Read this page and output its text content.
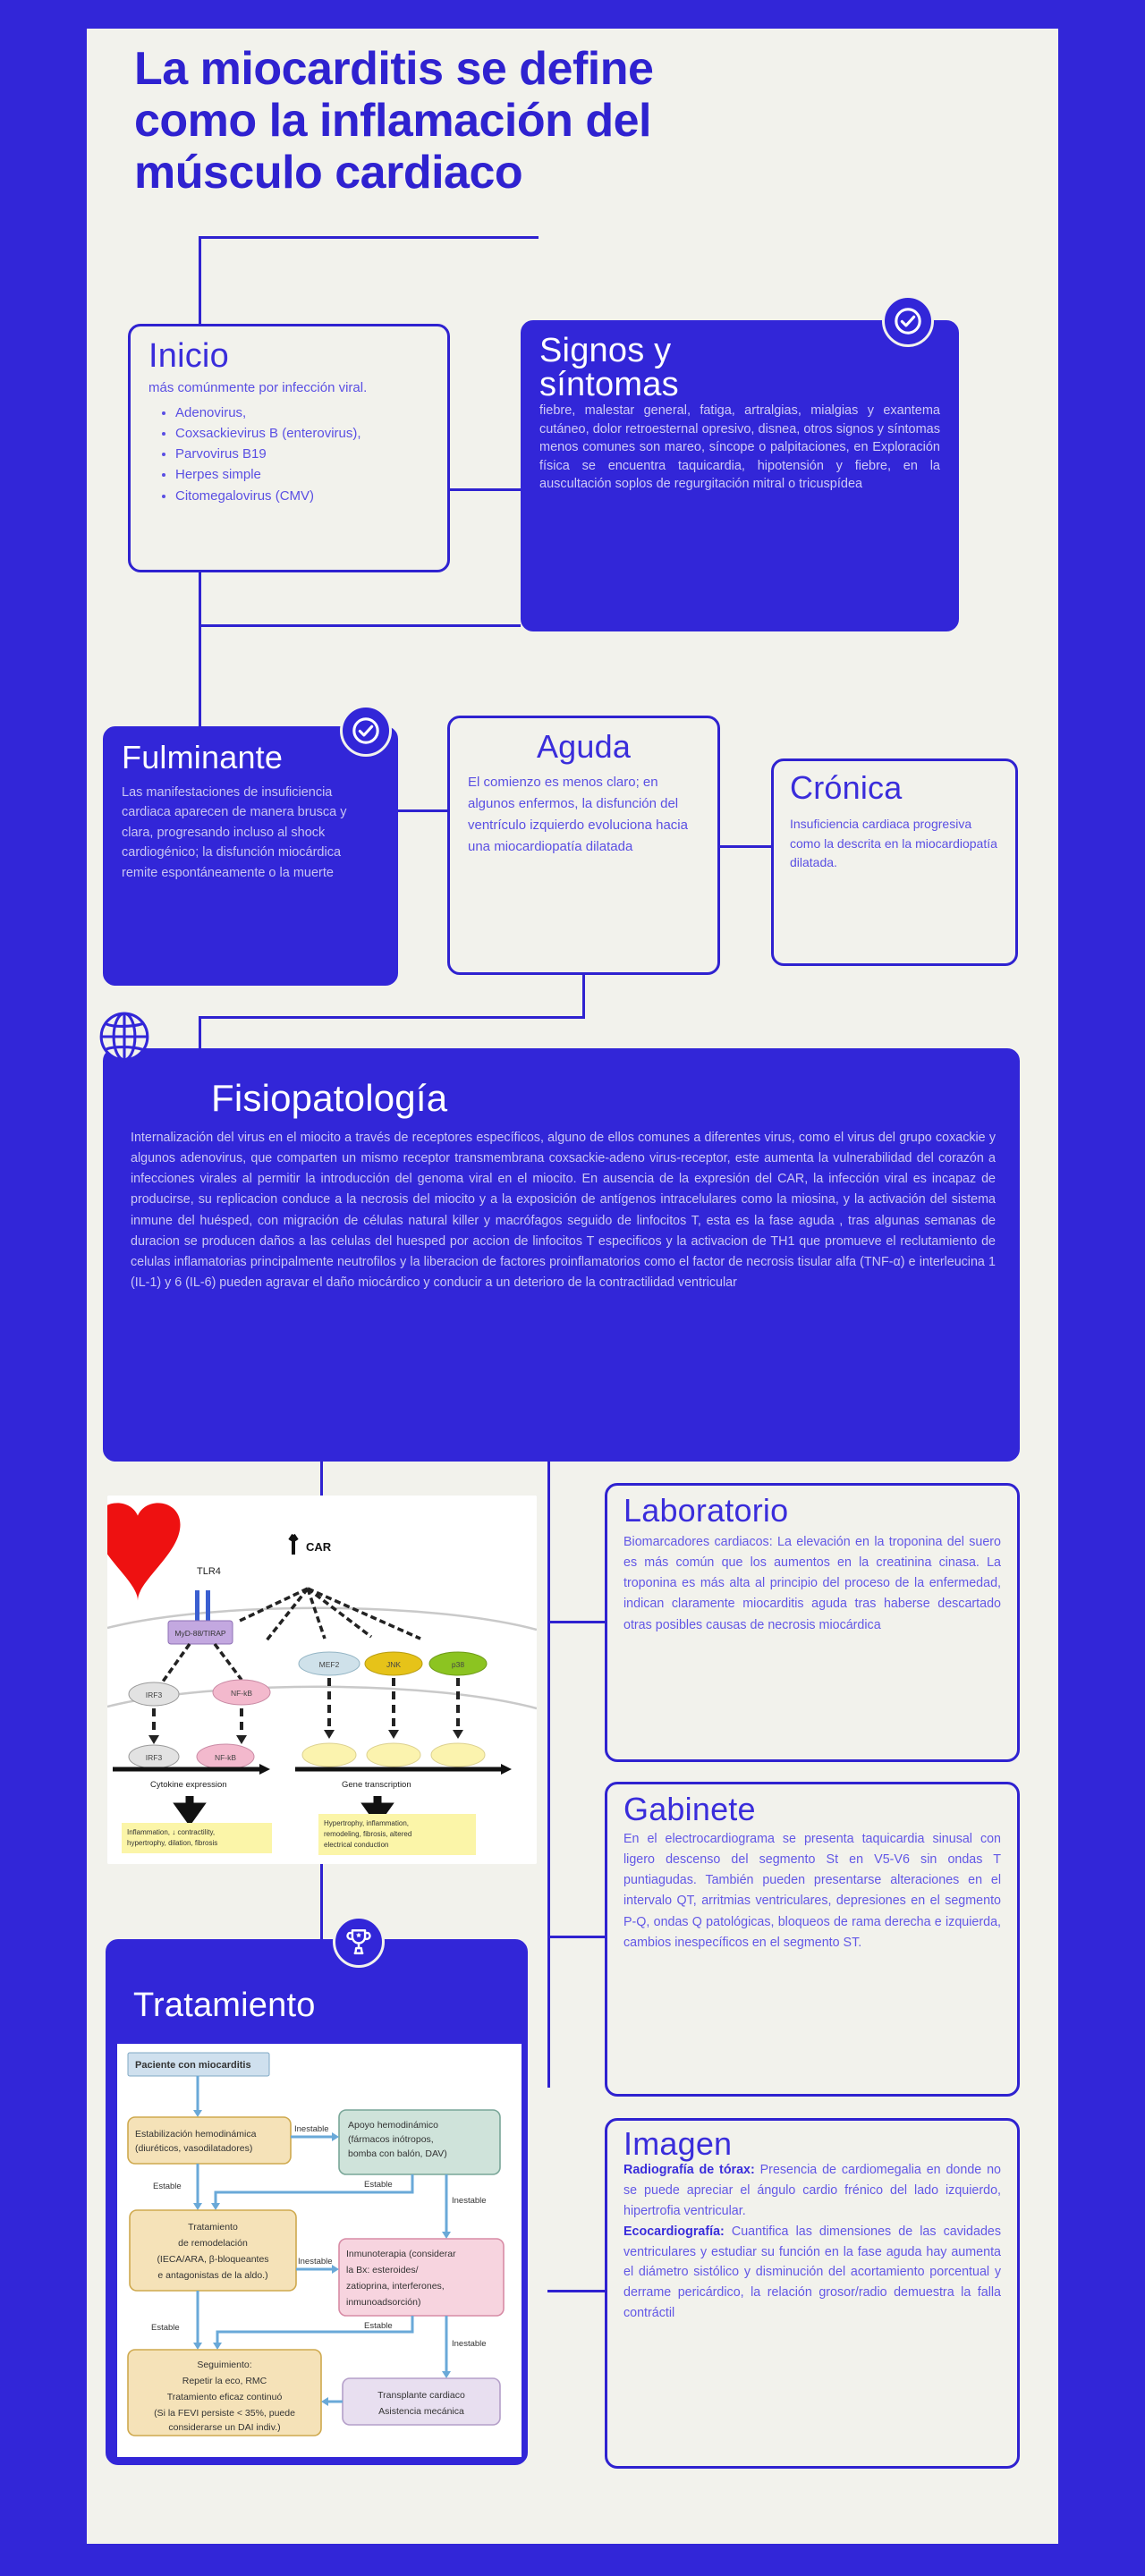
La miocarditis se define
como la inflamación del
músculo cardiaco
Inicio
más comúnmente por infección viral.
• Adenovirus,
• Coxsackievirus B (enterovirus),
• Parvovirus B19
• Herpes simple
• Citomegalovirus (CMV)
Signos y
síntomas
fiebre, malestar general, fatiga, artralgias, mialgias y exantema cutáneo, dolor retroesternal opresivo, disnea, otros signos y síntomas menos comunes son mareo, síncope o palpitaciones, en Exploración física se encuentra taquicardia, hipotensión y fiebre, en la auscultación soplos de regurgitación mitral o tricuspídea
Fulminante
Las manifestaciones de insuficiencia cardiaca aparecen de manera brusca y clara, progresando incluso al shock cardiogénico; la disfunción miocárdica remite espontáneamente o la muerte
Aguda
El comienzo es menos claro; en algunos enfermos, la disfunción del ventrículo izquierdo evoluciona hacia una miocardiopatía dilatada
Crónica
Insuficiencia cardiaca progresiva como la descrita en la miocardiopatía dilatada.
Fisiopatología
Internalización del virus en el miocito a través de receptores específicos, alguno de ellos comunes a diferentes virus, como el virus del grupo coxackie y algunos adenovirus, que comparten un mismo receptor transmembrana coxsackie-adeno virus-receptor, este aumenta la vulnerabilidad del corazón a infecciones virales al permitir la introducción del genoma viral en el miocito. En ausencia de la expresión del CAR, la infección viral es incapaz de producirse, su replicacion conduce a la necrosis del miocito y a la exposición de antígenos intracelulares como la miosina, y la activación del sistema inmune del huésped, con migración de células natural killer y macrófagos seguido de linfocitos T, esta es la fase aguda , tras algunas semanas de duracion se producen daños a las celulas del huesped por accion de linfocitos T especificos y la activacion de TH1 que promueve el reclutamiento de celulas inflamatorias principalmente neutrofilos y la liberacion de factores proinflamatorios como el factor de necrosis tisular alfa (TNF-α) e interleucina 1 (IL-1) y 6 (IL-6) pueden agravar el daño miocárdico y conducir a un deterioro de la contractilidad ventricular
CAR
TLR4
MyD-88/TIRAP
IRF3	NF-kB
MEF2	JNK	p38
IRF3	NF-kB
Cytokine expression	Gene transcription
Inflammation, ↓ contractility,
hypertrophy, dilation, fibrosis
Hypertrophy, inflammation,
remodeling, fibrosis, altered
electrical conduction
Laboratorio
Biomarcadores cardiacos: La elevación en la troponina del suero es más común que los aumentos en la creatinina cinasa. La troponina es más alta al principio del proceso de la enfermedad, indican claramente miocarditis aguda tras haberse descartado otras posibles causas de necrosis miocárdica
Gabinete
En el electrocardiograma se presenta taquicardia sinusal con ligero descenso del segmento St en V5-V6 sin ondas T puntiagudas. También pueden presentarse alteraciones en el intervalo QT, arritmias ventriculares, depresiones en el segmento P-Q, ondas Q patológicas, bloqueos de rama derecha e izquierda, cambios inespecíficos en el segmento ST.
Imagen
Radiografía de tórax: Presencia de cardiomegalia en donde no se puede apreciar el ángulo cardio frénico del lado izquierdo, hipertrofia ventricular.
Ecocardiografía: Cuantifica las dimensiones de las cavidades ventriculares y estudiar su función en la fase aguda hay aumenta el diámetro sistólico y disminución del acortamiento porcentual y derrame pericárdico, la relación grosor/radio demuestra la falla contráctil
Tratamiento
Paciente con miocarditis
Estabilización hemodinámica
(diuréticos, vasodilatadores)
Apoyo hemodinámico
(fármacos inótropos,
bomba con balón, DAV)
Inestable
Estable	Estable
Inestable
Tratamiento
de remodelación
(IECA/ARA, β-bloqueantes
e antagonistas de la aldo.)
Inmunoterapia (considerar
la Bx: esteroides/
zatioprina, interferones,
inmunoadsorción)
Inestable
Estable	Estable
Inestable
Seguimiento:
Repetir la eco, RMC
Tratamiento eficaz continuó
(Si la FEVI persiste < 35%, puede
considerarse un DAI indiv.)
Transplante cardiaco
Asistencia mecánica
